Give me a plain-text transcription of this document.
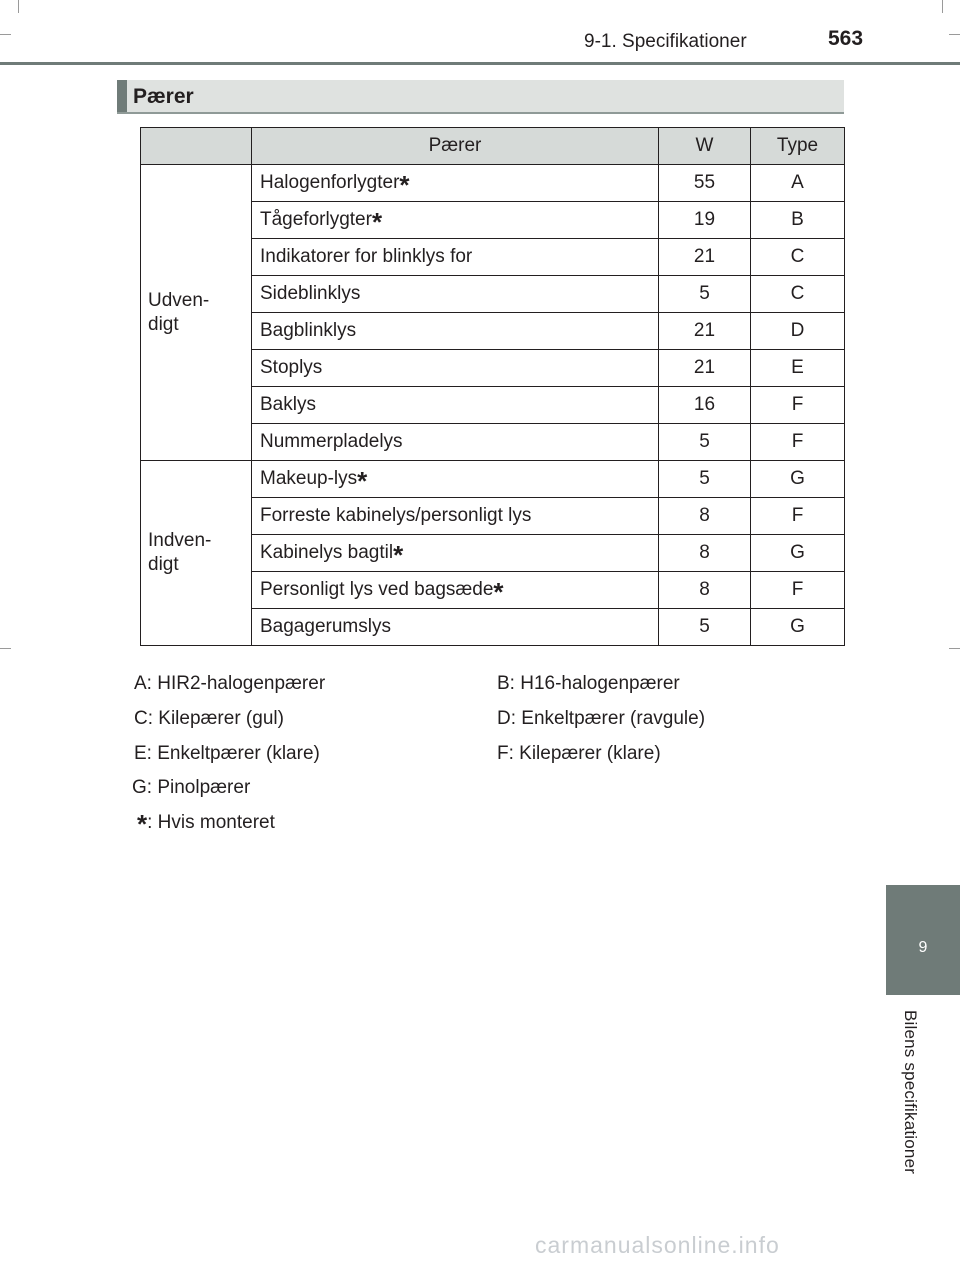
9-1. Specifikationer	563
Pærer
	Pærer	W	Type

Udven-
digt	Halogenforlygter*	55	A
	Tågeforlygter*	19	B
	Indikatorer for blinklys for	21	C
	Sideblinklys	5	C
	Bagblinklys	21	D
	Stoplys	21	E
	Baklys	16	F
	Nummerpladelys	5	F

Indven-
digt	Makeup-lys*	5	G
	Forreste kabinelys/personligt lys	8	F
	Kabinelys bagtil*	8	G
	Personligt lys ved bagsæde*	8	F
	Bagagerumslys	5	G
A: HIR2-halogenpærer	B: H16-halogenpærer
C: Kilepærer (gul)	D: Enkeltpærer (ravgule)
E: Enkeltpærer (klare)	F: Kilepærer (klare)
G: Pinolpærer
*: Hvis monteret
9
Bilens specifikationer
carmanualsonline.info
